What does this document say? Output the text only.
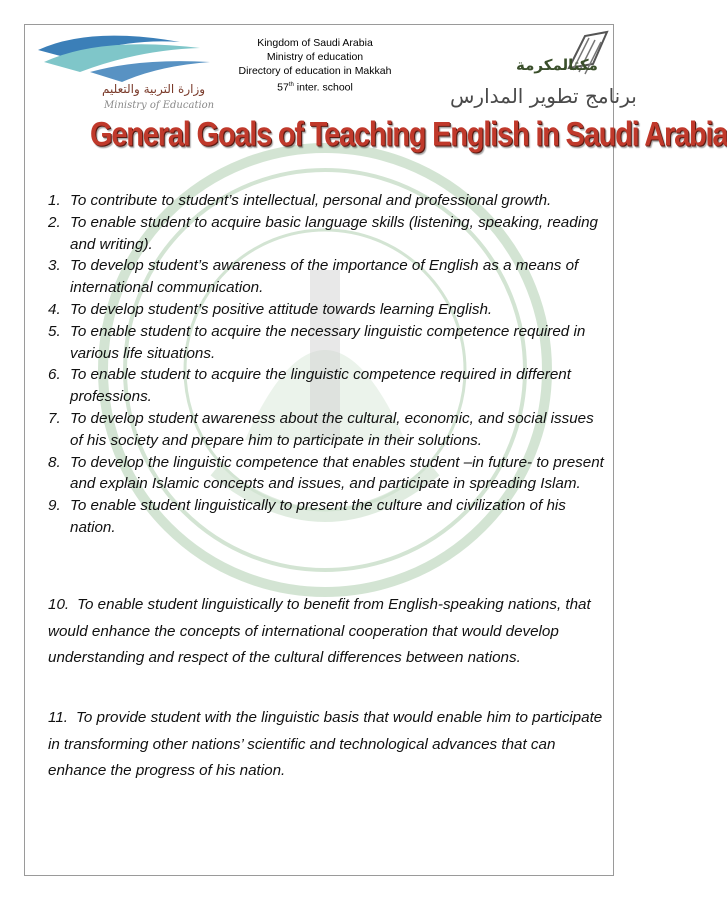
وزارة التربية والتعليم
Ministry of Education
Kingdom of Saudi Arabia
Ministry of education
Directory of education in Makkah
57th inter. school
مكتالمكرمة
برنامج تطوير المدارس
General Goals of Teaching English in Saudi Arabia
1. To contribute to student’s intellectual, personal and professional growth.
2. To enable student to acquire basic language skills (listening, speaking, reading and writing).
3. To develop student’s awareness of the importance of English as a means of international communication.
4. To develop student’s positive attitude towards learning English.
5. To enable student to acquire the necessary linguistic competence required in various life situations.
6. To enable student to acquire the linguistic competence required in different professions.
7. To develop student awareness about the cultural, economic, and social issues of his society and prepare him to participate in their solutions.
8. To develop the linguistic competence that enables student –in future- to present and explain Islamic concepts and issues, and participate in spreading Islam.
9. To enable student linguistically to present the culture and civilization of his nation.

10. To enable student linguistically to benefit from English-speaking nations, that would enhance the concepts of international cooperation that would develop understanding and respect of the cultural differences between nations.

11. To provide student with the linguistic basis that would enable him to participate in transforming other nations’ scientific and technological advances that can enhance the progress of his nation.
